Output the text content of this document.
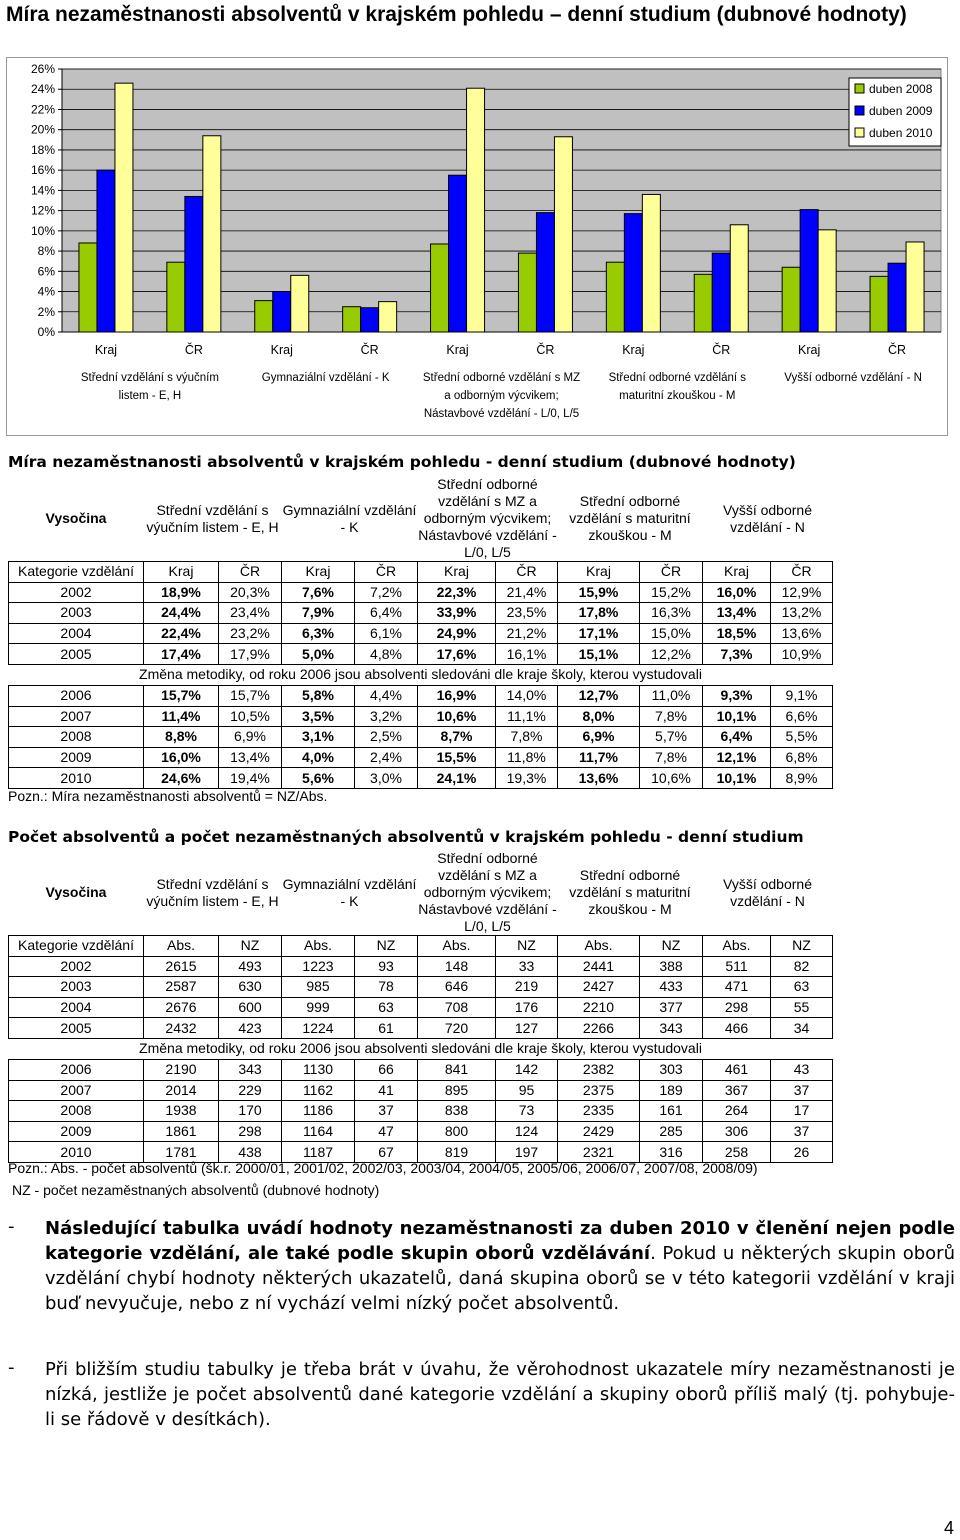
Míra nezaměstnanosti absolventů v krajském pohledu – denní studium (dubnové hodnoty)
0%
2%
4%
6%
8%
10%
12%
14%
16%
18%
20%
22%
24%
26%
Kraj	ČR	Kraj	ČR	Kraj	ČR	Kraj	ČR	Kraj	ČR
Střední vzdělání s výučním
listem - E, H
Gymnaziální vzdělání - K	Střední odborné vzdělání s MZ
a odborným výcvikem;
Nástavbové vzdělání - L/0, L/5
Střední odborné vzdělání s
maturitní zkouškou - M
Vyšší odborné vzdělání - N
duben 2008
duben 2009
duben 2010
Míra nezaměstnanosti absolventů v krajském pohledu - denní studium (dubnové hodnoty)
Vysočina	Střední vzdělání s výučním listem - E, H		Gymnaziální vzdělání - K		Střední odborné vzdělání s MZ a odborným výcvikem; Nástavbové vzdělání - L/0, L/5		Střední odborné vzdělání s maturitní zkouškou - M		Vyšší odborné vzdělání - N	
Kategorie vzdělání	Kraj	ČR	Kraj	ČR	Kraj	ČR	Kraj	ČR	Kraj	ČR
2002	18,9%	20,3%	7,6%	7,2%	22,3%	21,4%	15,9%	15,2%	16,0%	12,9%
2003	24,4%	23,4%	7,9%	6,4%	33,9%	23,5%	17,8%	16,3%	13,4%	13,2%
2004	22,4%	23,2%	6,3%	6,1%	24,9%	21,2%	17,1%	15,0%	18,5%	13,6%
2005	17,4%	17,9%	5,0%	4,8%	17,6%	16,1%	15,1%	12,2%	7,3%	10,9%
Změna metodiky, od roku 2006 jsou absolventi sledováni dle kraje školy, kterou vystudovali										
2006	15,7%	15,7%	5,8%	4,4%	16,9%	14,0%	12,7%	11,0%	9,3%	9,1%
2007	11,4%	10,5%	3,5%	3,2%	10,6%	11,1%	8,0%	7,8%	10,1%	6,6%
2008	8,8%	6,9%	3,1%	2,5%	8,7%	7,8%	6,9%	5,7%	6,4%	5,5%
2009	16,0%	13,4%	4,0%	2,4%	15,5%	11,8%	11,7%	7,8%	12,1%	6,8%
2010	24,6%	19,4%	5,6%	3,0%	24,1%	19,3%	13,6%	10,6%	10,1%	8,9%
Pozn.: Míra nezaměstnanosti absolventů = NZ/Abs.
Počet absolventů a počet nezaměstnaných absolventů v krajském pohledu - denní studium
Vysočina	Střední vzdělání s výučním listem - E, H		Gymnaziální vzdělání - K		Střední odborné vzdělání s MZ a odborným výcvikem; Nástavbové vzdělání - L/0, L/5		Střední odborné vzdělání s maturitní zkouškou - M		Vyšší odborné vzdělání - N	
Kategorie vzdělání	Abs.	NZ	Abs.	NZ	Abs.	NZ	Abs.	NZ	Abs.	NZ
2002	2615	493	1223	93	148	33	2441	388	511	82
2003	2587	630	985	78	646	219	2427	433	471	63
2004	2676	600	999	63	708	176	2210	377	298	55
2005	2432	423	1224	61	720	127	2266	343	466	34
Změna metodiky, od roku 2006 jsou absolventi sledováni dle kraje školy, kterou vystudovali										
2006	2190	343	1130	66	841	142	2382	303	461	43
2007	2014	229	1162	41	895	95	2375	189	367	37
2008	1938	170	1186	37	838	73	2335	161	264	17
2009	1861	298	1164	47	800	124	2429	285	306	37
2010	1781	438	1187	67	819	197	2321	316	258	26
Pozn.: Abs. - počet absolventů (šk.r. 2000/01, 2001/02, 2002/03, 2003/04, 2004/05, 2005/06, 2006/07, 2007/08, 2008/09)
NZ - počet nezaměstnaných absolventů (dubnové hodnoty)
- Následující tabulka uvádí hodnoty nezaměstnanosti za duben 2010 v členění nejen podle kategorie vzdělání, ale také podle skupin oborů vzdělávání. Pokud u některých skupin oborů vzdělání chybí hodnoty některých ukazatelů, daná skupina oborů se v této kategorii vzdělání v kraji buď nevyučuje, nebo z ní vychází velmi nízký počet absolventů.
- Při bližším studiu tabulky je třeba brát v úvahu, že věrohodnost ukazatele míry nezaměstnanosti je nízká, jestliže je počet absolventů dané kategorie vzdělání a skupiny oborů příliš malý (tj. pohybuje-li se řádově v desítkách).
4
